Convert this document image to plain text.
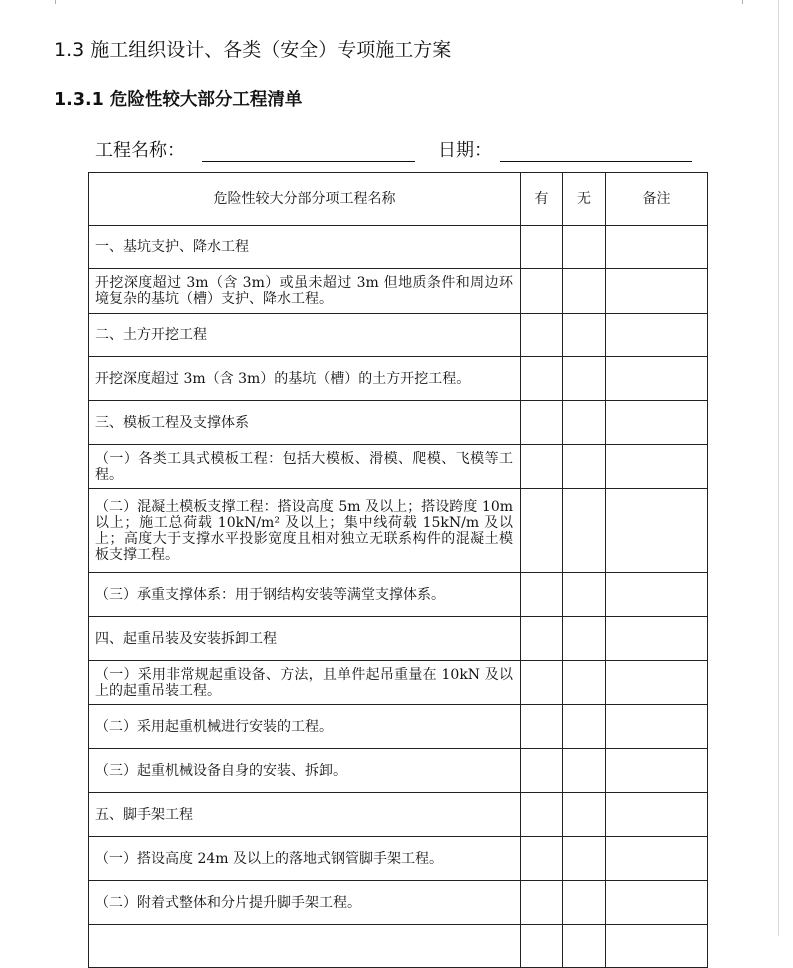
1.3 施工组织设计、各类（安全）专项施工方案
1.3.1 危险性较大部分工程清单
工程名称：	日期：
危险性较大分部分项工程名称	有	无	备注

一、基坑支护、降水工程			

开挖深度超过 3m（含 3m）或虽未超过 3m 但地质条件和周边环境复杂的基坑（槽）支护、降水工程。			

二、土方开挖工程			

开挖深度超过 3m（含 3m）的基坑（槽）的土方开挖工程。			

三、模板工程及支撑体系			

（一）各类工具式模板工程：包括大模板、滑模、爬模、飞模等工程。			

（二）混凝土模板支撑工程：搭设高度 5m 及以上；搭设跨度 10m 以上；施工总荷载 10kN/m² 及以上；集中线荷载 15kN/m 及以上；高度大于支撑水平投影宽度且相对独立无联系构件的混凝土模板支撑工程。			

（三）承重支撑体系：用于钢结构安装等满堂支撑体系。			

四、起重吊装及安装拆卸工程			

（一）采用非常规起重设备、方法，且单件起吊重量在 10kN 及以上的起重吊装工程。			

（二）采用起重机械进行安装的工程。			

（三）起重机械设备自身的安装、拆卸。			

五、脚手架工程			

（一）搭设高度 24m 及以上的落地式钢管脚手架工程。			

（二）附着式整体和分片提升脚手架工程。			
